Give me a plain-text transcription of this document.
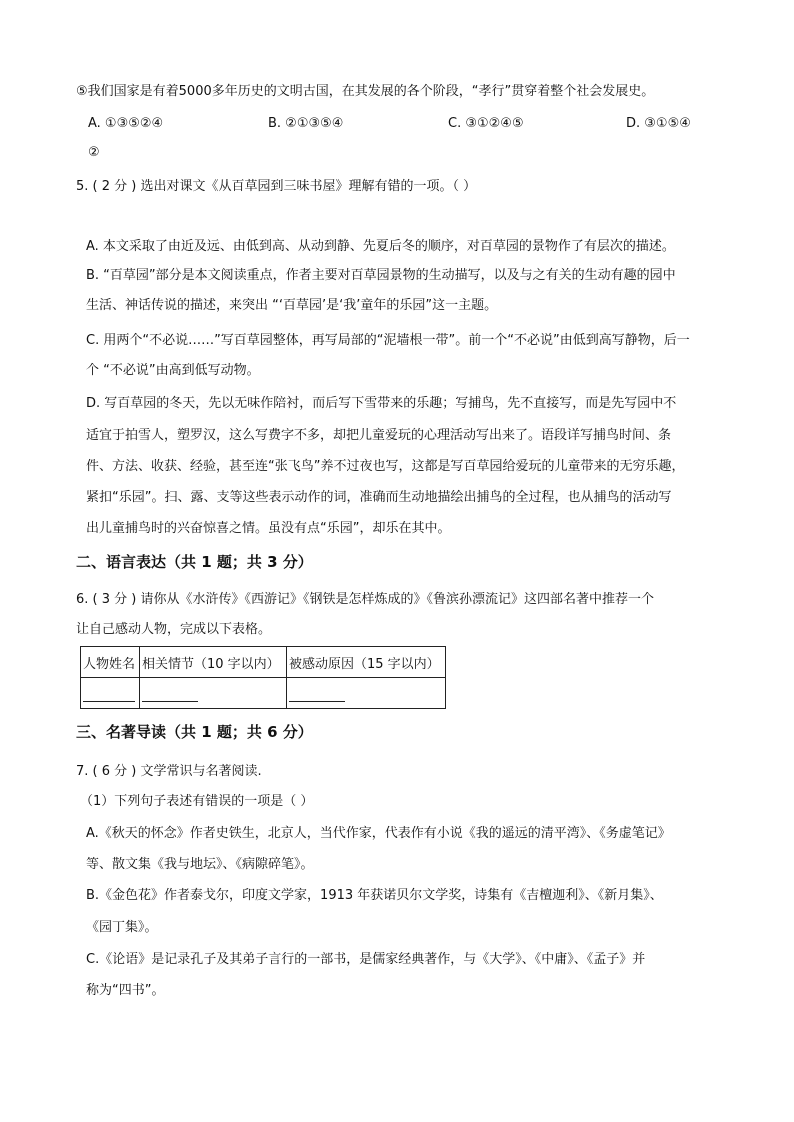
⑤我们国家是有着5000多年历史的文明古国，在其发展的各个阶段，“孝行”贯穿着整个社会发展史。
A. ①③⑤②④	B. ②①③⑤④	C. ③①②④⑤	D. ③①⑤④
②
5. ( 2 分 ) 选出对课文《从百草园到三味书屋》理解有错的一项。（ ）
A. 本文采取了由近及远、由低到高、从动到静、先夏后冬的顺序，对百草园的景物作了有层次的描述。
B. “百草园”部分是本文阅读重点，作者主要对百草园景物的生动描写，以及与之有关的生动有趣的园中
生活、神话传说的描述，来突出 “‘百草园’是‘我’童年的乐园”这一主题。
C. 用两个“不必说……”写百草园整体，再写局部的“泥墙根一带”。前一个“不必说”由低到高写静物，后一
个 “不必说”由高到低写动物。
D. 写百草园的冬天，先以无味作陪衬，而后写下雪带来的乐趣；写捕鸟，先不直接写，而是先写园中不
适宜于拍雪人，塑罗汉，这么写费字不多，却把儿童爱玩的心理活动写出来了。语段详写捕鸟时间、条
件、方法、收获、经验，甚至连“张飞鸟”养不过夜也写，这都是写百草园给爱玩的儿童带来的无穷乐趣，
紧扣“乐园”。扫、露、支等这些表示动作的词，准确而生动地描绘出捕鸟的全过程，也从捕鸟的活动写
出儿童捕鸟时的兴奋惊喜之情。虽没有点“乐园”，却乐在其中。
二、语言表达（共 1 题；共 3 分）
6. ( 3 分 ) 请你从《水浒传》《西游记》《钢铁是怎样炼成的》《鲁滨孙漂流记》这四部名著中推荐一个
让自己感动人物，完成以下表格。
人物姓名	相关情节（10 字以内）	被感动原因（15 字以内）

三、名著导读（共 1 题；共 6 分）
7. ( 6 分 ) 文学常识与名著阅读.
（1）下列句子表述有错误的一项是（ ）
A.《秋天的怀念》作者史铁生，北京人，当代作家，代表作有小说《我的遥远的清平湾》、《务虚笔记》
等、散文集《我与地坛》、《病隙碎笔》。
B.《金色花》作者泰戈尔，印度文学家，1913 年获诺贝尔文学奖，诗集有《吉檀迦利》、《新月集》、
《园丁集》。
C.《论语》是记录孔子及其弟子言行的一部书，是儒家经典著作，与《大学》、《中庸》、《孟子》并
称为“四书”。
